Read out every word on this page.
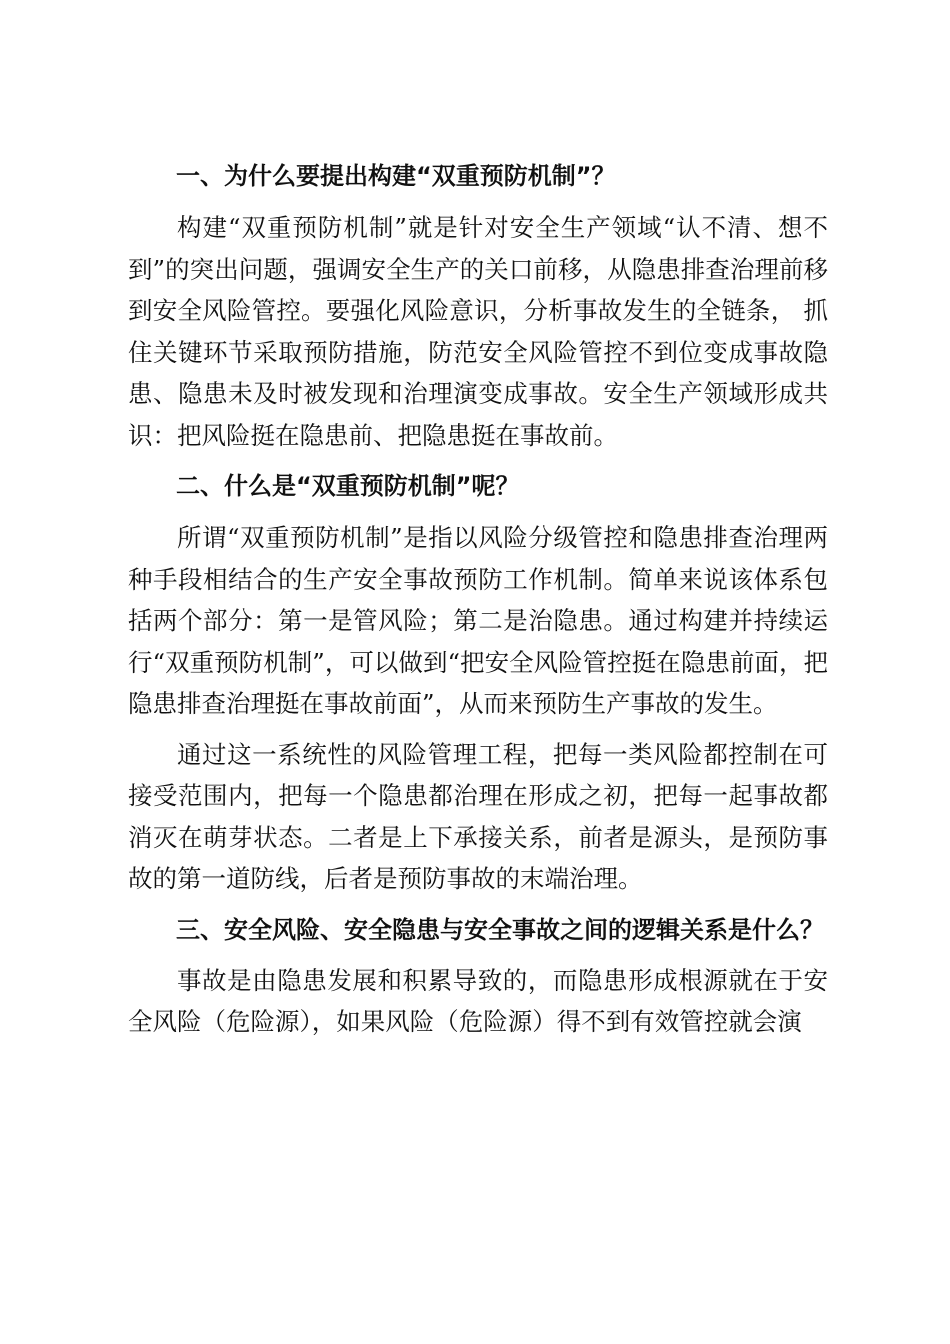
一、为什么要提出构建“双重预防机制”？

构建“双重预防机制”就是针对安全生产领域“认不清、想不到”的突出问题，强调安全生产的关口前移，从隐患排查治理前移到安全风险管控。要强化风险意识，分析事故发生的全链条， 抓住关键环节采取预防措施，防范安全风险管控不到位变成事故隐患、隐患未及时被发现和治理演变成事故。安全生产领域形成共识：把风险挺在隐患前、把隐患挺在事故前。

二、什么是“双重预防机制”呢？

所谓“双重预防机制”是指以风险分级管控和隐患排查治理两种手段相结合的生产安全事故预防工作机制。简单来说该体系包括两个部分：第一是管风险；第二是治隐患。通过构建并持续运行“双重预防机制”，可以做到“把安全风险管控挺在隐患前面，把隐患排查治理挺在事故前面”，从而来预防生产事故的发生。

通过这一系统性的风险管理工程，把每一类风险都控制在可接受范围内，把每一个隐患都治理在形成之初，把每一起事故都消灭在萌芽状态。二者是上下承接关系，前者是源头，是预防事故的第一道防线，后者是预防事故的末端治理。

三、安全风险、安全隐患与安全事故之间的逻辑关系是什么？

事故是由隐患发展和积累导致的，而隐患形成根源就在于安全风险（危险源），如果风险（危险源）得不到有效管控就会演
